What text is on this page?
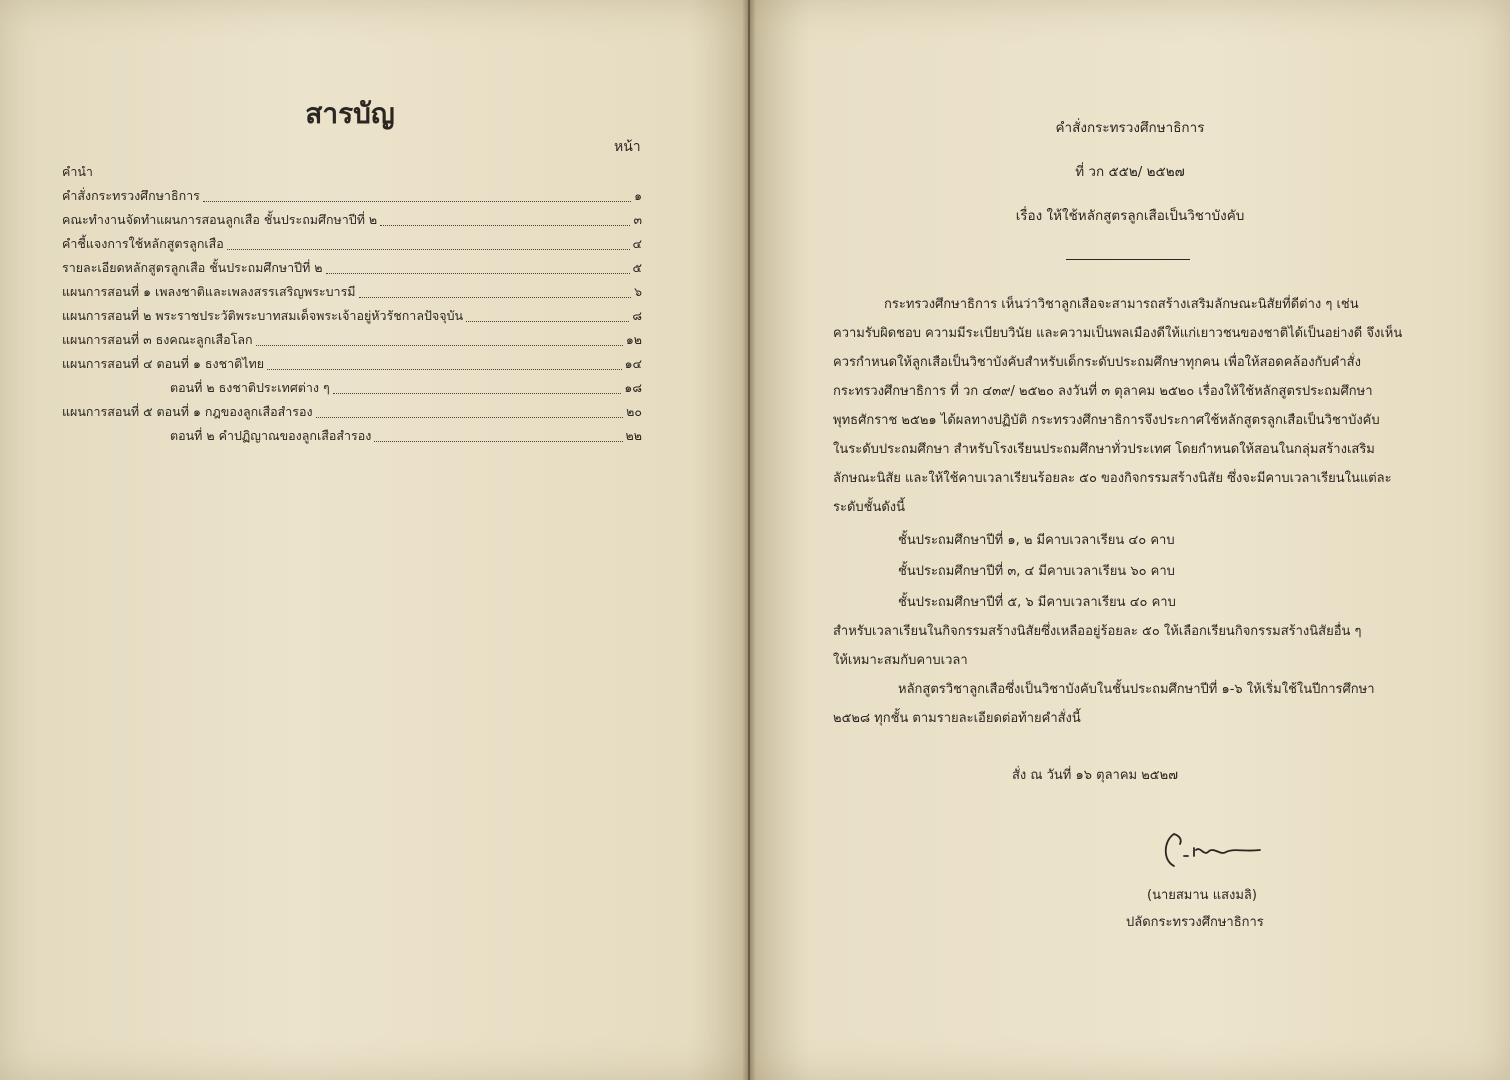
สารบัญ
หน้า
คำนำ
คำสั่งกระทรวงศึกษาธิการ	๑
คณะทำงานจัดทำแผนการสอนลูกเสือ ชั้นประถมศึกษาปีที่ ๒	๓
คำชี้แจงการใช้หลักสูตรลูกเสือ	๔
รายละเอียดหลักสูตรลูกเสือ ชั้นประถมศึกษาปีที่ ๒	๕
แผนการสอนที่ ๑ เพลงชาติและเพลงสรรเสริญพระบารมี	๖
แผนการสอนที่ ๒ พระราชประวัติพระบาทสมเด็จพระเจ้าอยู่หัวรัชกาลปัจจุบัน	๘
แผนการสอนที่ ๓ ธงคณะลูกเสือโลก	๑๒
แผนการสอนที่ ๔ ตอนที่ ๑ ธงชาติไทย	๑๔
ตอนที่ ๒ ธงชาติประเทศต่าง ๆ	๑๘
แผนการสอนที่ ๕ ตอนที่ ๑ กฎของลูกเสือสำรอง	๒๐
ตอนที่ ๒ คำปฏิญาณของลูกเสือสำรอง	๒๒
คำสั่งกระทรวงศึกษาธิการ
ที่ วก ๕๕๒/ ๒๕๒๗
เรื่อง ให้ใช้หลักสูตรลูกเสือเป็นวิชาบังคับ
กระทรวงศึกษาธิการ เห็นว่าวิชาลูกเสือจะสามารถสร้างเสริมลักษณะนิสัยที่ดีต่าง ๆ เช่น
ความรับผิดชอบ ความมีระเบียบวินัย และความเป็นพลเมืองดีให้แก่เยาวชนของชาติได้เป็นอย่างดี จึงเห็น
ควรกำหนดให้ลูกเสือเป็นวิชาบังคับสำหรับเด็กระดับประถมศึกษาทุกคน เพื่อให้สอดคล้องกับคำสั่ง
กระทรวงศึกษาธิการ ที่ วก ๔๓๙/ ๒๕๒๐ ลงวันที่ ๓ ตุลาคม ๒๕๒๐ เรื่องให้ใช้หลักสูตรประถมศึกษา
พุทธศักราช ๒๕๒๑ ได้ผลทางปฏิบัติ กระทรวงศึกษาธิการจึงประกาศใช้หลักสูตรลูกเสือเป็นวิชาบังคับ
ในระดับประถมศึกษา สำหรับโรงเรียนประถมศึกษาทั่วประเทศ โดยกำหนดให้สอนในกลุ่มสร้างเสริม
ลักษณะนิสัย และให้ใช้คาบเวลาเรียนร้อยละ ๕๐ ของกิจกรรมสร้างนิสัย ซึ่งจะมีคาบเวลาเรียนในแต่ละ
ระดับชั้นดังนี้
ชั้นประถมศึกษาปีที่ ๑, ๒ มีคาบเวลาเรียน ๔๐ คาบ
ชั้นประถมศึกษาปีที่ ๓, ๔ มีคาบเวลาเรียน ๖๐ คาบ
ชั้นประถมศึกษาปีที่ ๕, ๖ มีคาบเวลาเรียน ๔๐ คาบ
สำหรับเวลาเรียนในกิจกรรมสร้างนิสัยซึ่งเหลืออยู่ร้อยละ ๕๐ ให้เลือกเรียนกิจกรรมสร้างนิสัยอื่น ๆ
ให้เหมาะสมกับคาบเวลา
หลักสูตรวิชาลูกเสือซึ่งเป็นวิชาบังคับในชั้นประถมศึกษาปีที่ ๑-๖ ให้เริ่มใช้ในปีการศึกษา
๒๕๒๘ ทุกชั้น ตามรายละเอียดต่อท้ายคำสั่งนี้
สั่ง ณ วันที่ ๑๖ ตุลาคม ๒๕๒๗
(นายสมาน แสงมลิ)
ปลัดกระทรวงศึกษาธิการ
